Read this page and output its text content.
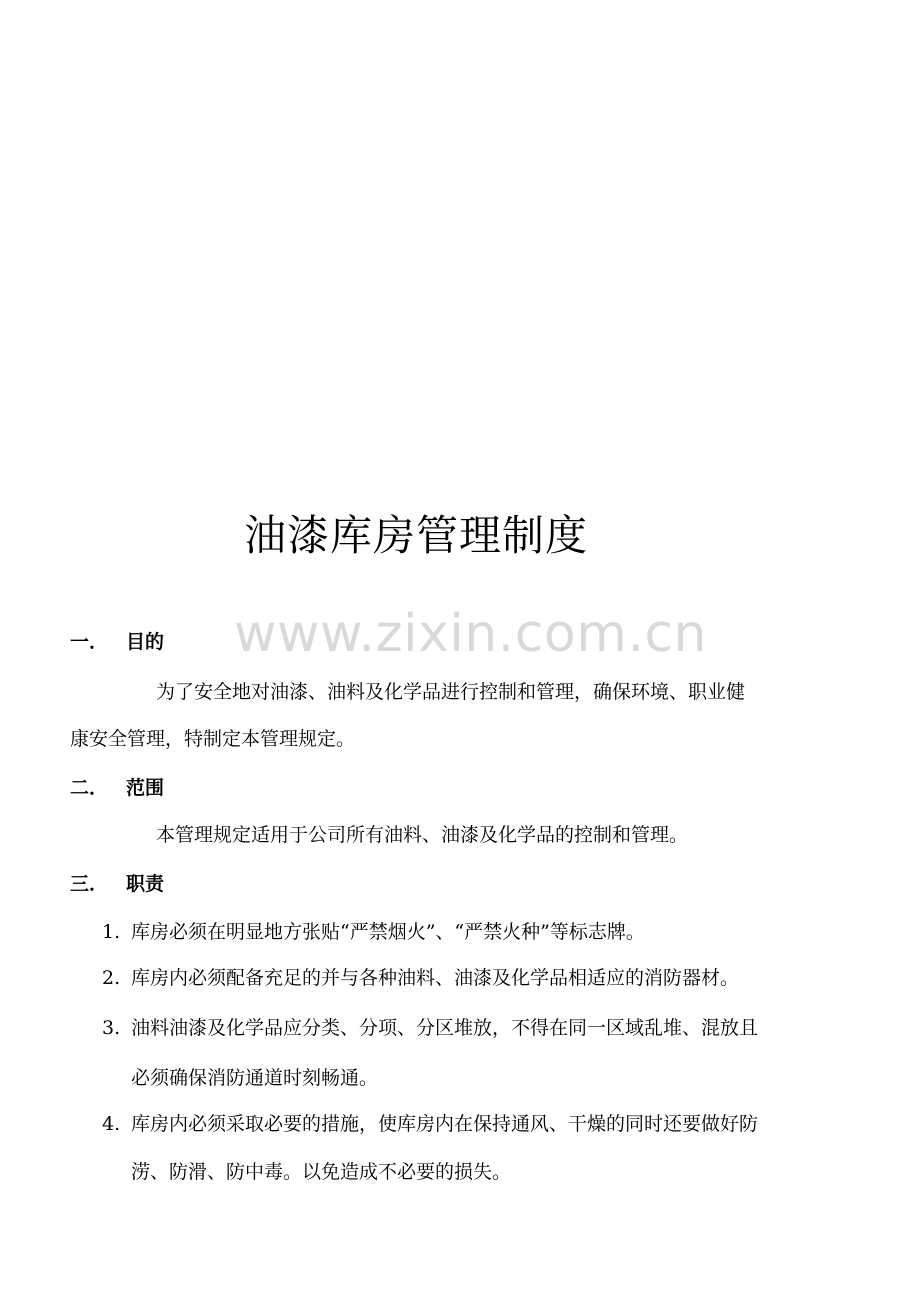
油漆库房管理制度
www.zixin.com.cn
一． 目的
为了安全地对油漆、油料及化学品进行控制和管理，确保环境、职业健
康安全管理，特制定本管理规定。
二． 范围
本管理规定适用于公司所有油料、油漆及化学品的控制和管理。
三． 职责
1. 库房必须在明显地方张贴“严禁烟火”、“严禁火种”等标志牌。
2. 库房内必须配备充足的并与各种油料、油漆及化学品相适应的消防器材。
3. 油料油漆及化学品应分类、分项、分区堆放，不得在同一区域乱堆、混放且
必须确保消防通道时刻畅通。
4. 库房内必须采取必要的措施，使库房内在保持通风、干燥的同时还要做好防
涝、防滑、防中毒。以免造成不必要的损失。
